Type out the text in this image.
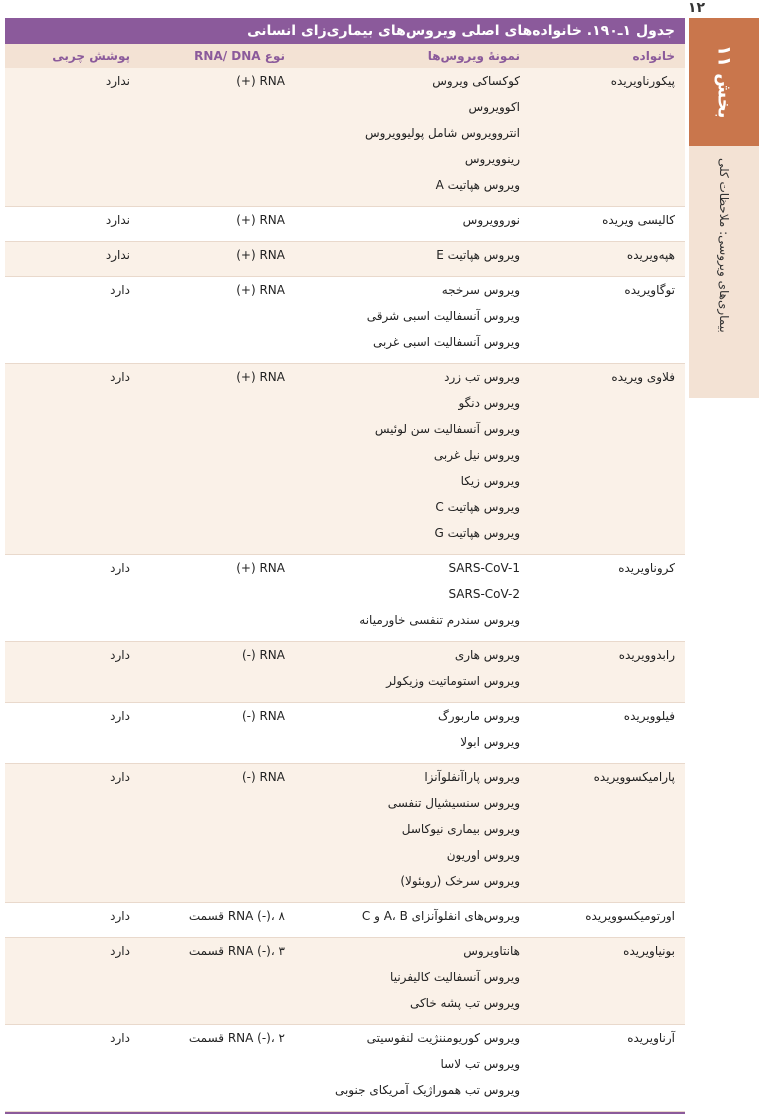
۱۲
بخش ۱۱
بیماری‌های ویروسی: ملاحظات کلی
جدول ۱ـ۱۹۰. خانواده‌های اصلی ویروس‌های بیماری‌زای انسانی
خانواده
نمونهٔ ویروس‌ها
نوع RNA/ DNA
پوشش چربی
پیکورناویریده
کوکساکی ویروس
اکوویروس
انتروویروس شامل پولیوویروس
رینوویروس
ویروس هپاتیت A
RNA (+)
ندارد
کالیسی ویریده
نوروویروس
RNA (+)
ندارد
هپه‌ویریده
ویروس هپاتیت E
RNA (+)
ندارد
توگاویریده
ویروس سرخجه
ویروس آنسفالیت اسبی شرقی
ویروس آنسفالیت اسبی غربی
RNA (+)
دارد
فلاوی ویریده
ویروس تب زرد
ویروس دنگو
ویروس آنسفالیت سن لوئیس
ویروس نیل غربی
ویروس زیکا
ویروس هپاتیت C
ویروس هپاتیت G
RNA (+)
دارد
کروناویریده
SARS-CoV-1
SARS-CoV-2
ویروس سندرم تنفسی خاورمیانه
RNA (+)
دارد
رابدوویریده
ویروس هاری
ویروس استوماتیت وزیکولر
RNA (-)
دارد
فیلوویریده
ویروس ماربورگ
ویروس ابولا
RNA (-)
دارد
پارامیکسوویریده
ویروس پاراآنفلوآنزا
ویروس سنسیشیال تنفسی
ویروس بیماری نیوکاسل
ویروس اوریون
ویروس سرخک (روبئولا)
RNA (-)
دارد
اورتومیکسوویریده
ویروس‌های انفلوآنزای A، B و C
RNA (-)، ۸ قسمت
دارد
بونیاویریده
هانتاویروس
ویروس آنسفالیت کالیفرنیا
ویروس تب پشه خاکی
RNA (-)، ۳ قسمت
دارد
آرناویریده
ویروس کوریومننژیت لنفوسیتی
ویروس تب لاسا
ویروس تب هموراژیک آمریکای جنوبی
RNA (-)، ۲ قسمت
دارد
